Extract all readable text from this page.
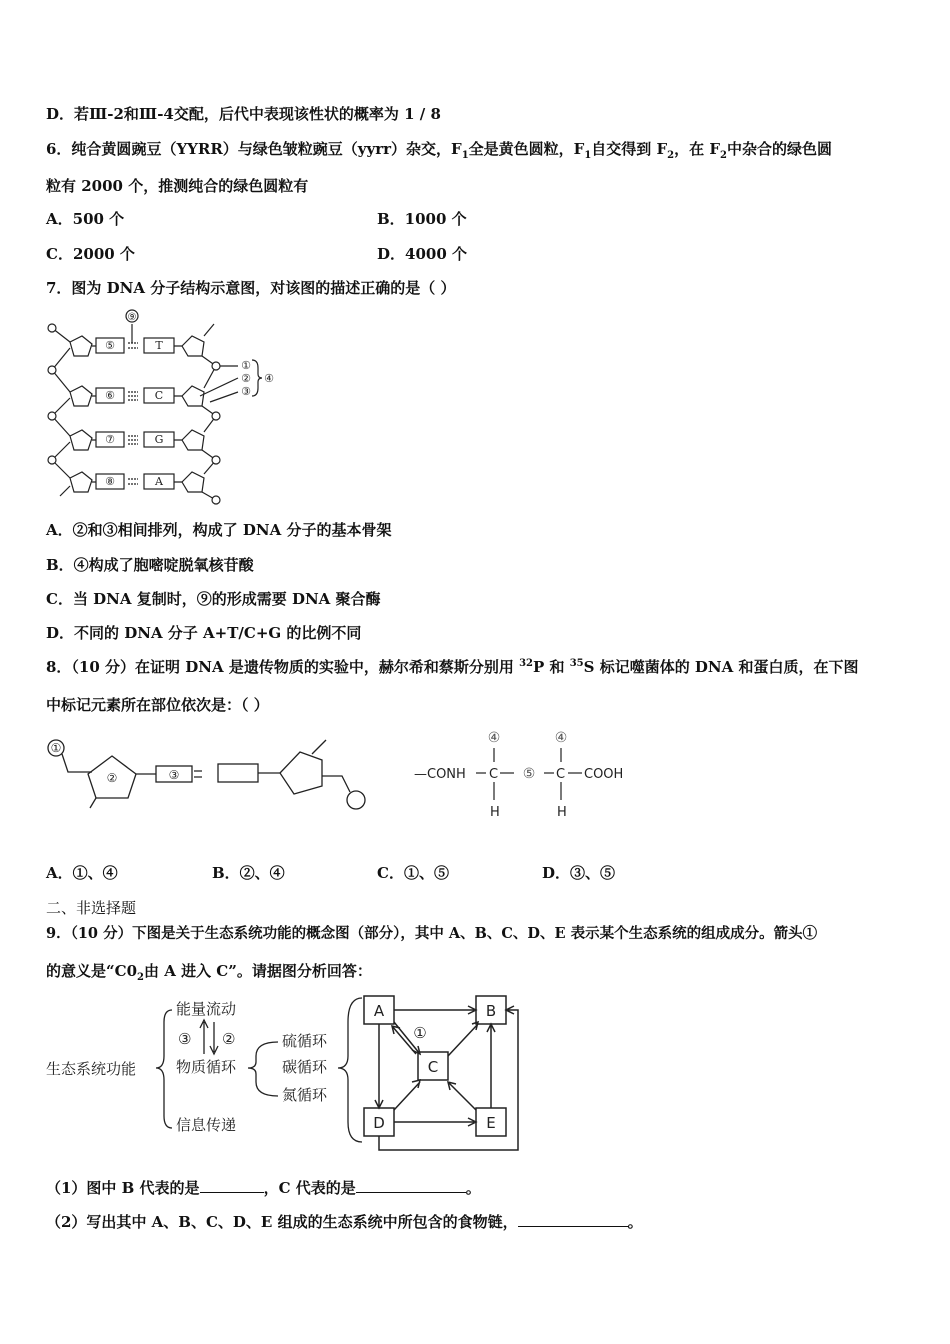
D．若Ⅲ-2和Ⅲ-4交配，后代中表现该性状的概率为 1 / 8
6．纯合黄圆豌豆（YYRR）与绿色皱粒豌豆（yyrr）杂交，$F_1$全是黄色圆粒，$F_1$自交得到 $F_2$，在 $F_2$中杂合的绿色圆
粒有 2000 个，推测纯合的绿色圆粒有
A．500 个	B．1000 个
C．2000 个	D．4000 个
7．图为 DNA 分子结构示意图，对该图的描述正确的是（ ）
⑤
⑥
⑦
⑧
T
C
G
A
⑨
①
②
③
④
A．②和③相间排列，构成了 DNA 分子的基本骨架
B．④构成了胞嘧啶脱氧核苷酸
C．当 DNA 复制时，⑨的形成需要 DNA 聚合酶
D．不同的 DNA 分子 A+T/C+G 的比例不同
8．（10 分）在证明 DNA 是遗传物质的实验中，赫尔希和蔡斯分别用 $^{32}$P 和 $^{35}$S 标记噬菌体的 DNA 和蛋白质，在下图
中标记元素所在部位依次是：（ ）
①
②	③	—CONH C	C COOH
H	H
④
⑤
④
A．①、④	B．②、④	C．①、⑤	D．③、⑤
二、非选择题
9．（10 分）下图是关于生态系统功能的概念图（部分），其中 A、B、C、D、E 表示某个生态系统的组成成分。箭头①
的意义是“$C0_2$由 A 进入 C”。请据图分析回答：
生态系统功能
能量流动
物质循环
信息传递
③ ②	硫循环
碳循环
氮循环
A	B
C
D	E
①
（1）图中 B 代表的是	，C 代表的是	。
（2）写出其中 A、B、C、D、E 组成的生态系统中所包含的食物链，	。
